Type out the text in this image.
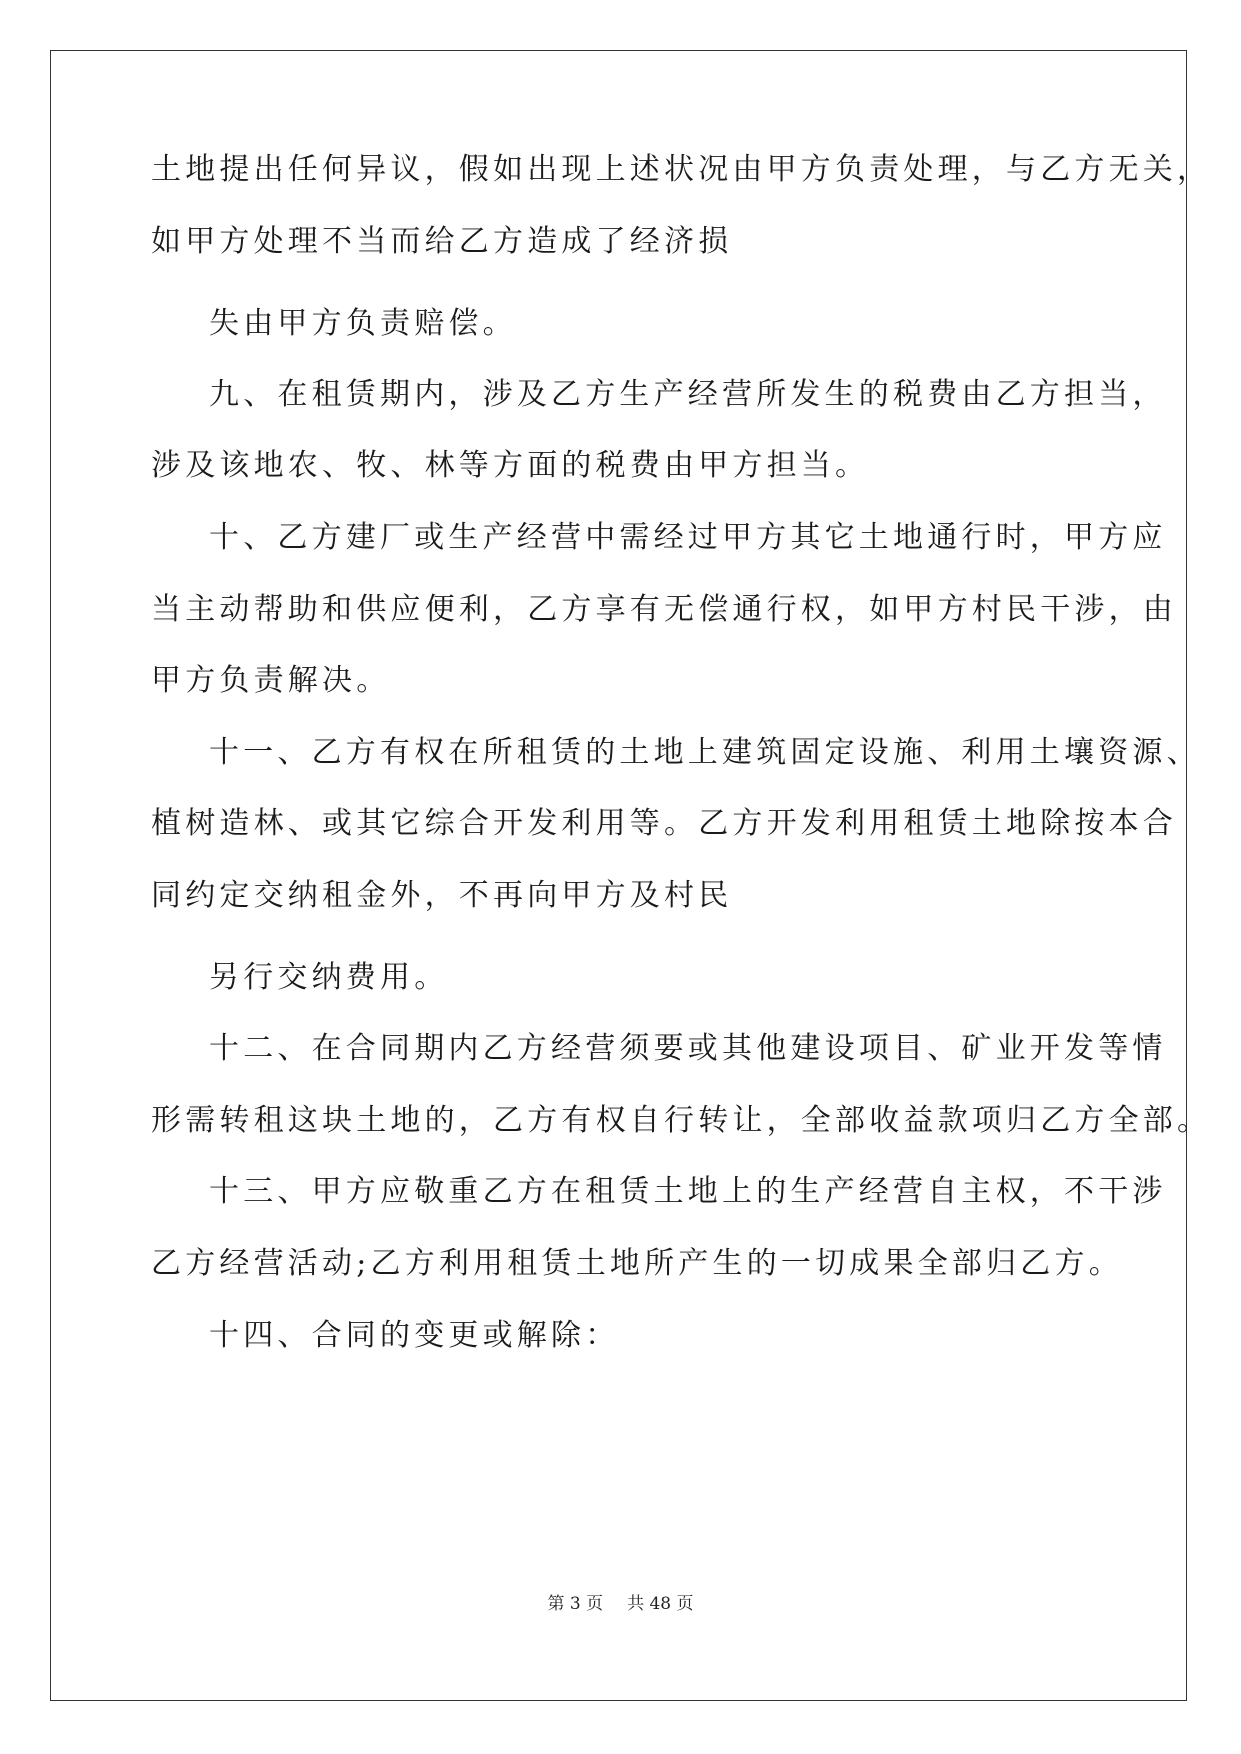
土地提出任何异议，假如出现上述状况由甲方负责处理，与乙方无关，
如甲方处理不当而给乙方造成了经济损
失由甲方负责赔偿。
九、在租赁期内，涉及乙方生产经营所发生的税费由乙方担当，
涉及该地农、牧、林等方面的税费由甲方担当。
十、乙方建厂或生产经营中需经过甲方其它土地通行时，甲方应
当主动帮助和供应便利，乙方享有无偿通行权，如甲方村民干涉，由
甲方负责解决。
十一、乙方有权在所租赁的土地上建筑固定设施、利用土壤资源、
植树造林、或其它综合开发利用等。乙方开发利用租赁土地除按本合
同约定交纳租金外，不再向甲方及村民
另行交纳费用。
十二、在合同期内乙方经营须要或其他建设项目、矿业开发等情
形需转租这块土地的，乙方有权自行转让，全部收益款项归乙方全部。
十三、甲方应敬重乙方在租赁土地上的生产经营自主权，不干涉
乙方经营活动;乙方利用租赁土地所产生的一切成果全部归乙方。
十四、合同的变更或解除：
第 3 页 共 48 页
